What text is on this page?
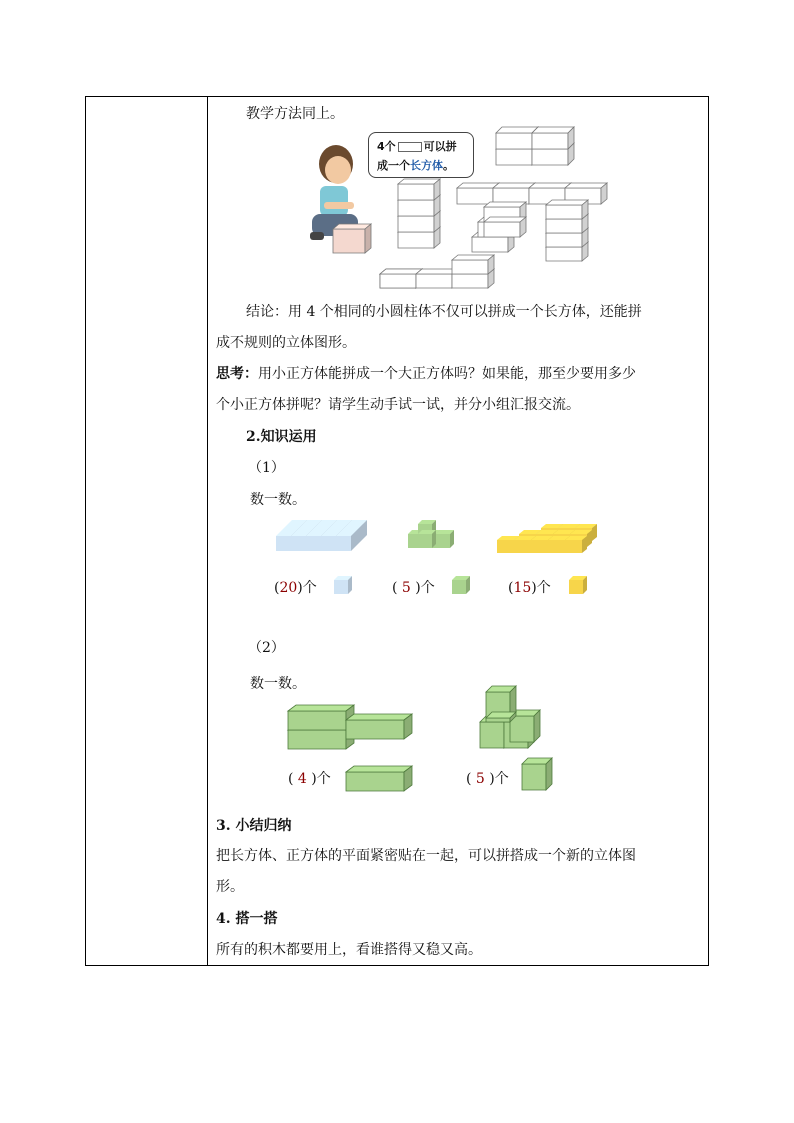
教学方法同上。
4个	可以拼
成一个长方体。
结论：用 4 个相同的小圆柱体不仅可以拼成一个长方体，还能拼
成不规则的立体图形。
思考：用小正方体能拼成一个大正方体吗？如果能，那至少要用多少
个小正方体拼呢？请学生动手试一试，并分小组汇报交流。
2.知识运用
（1）
数一数。
(20)个	( 5 )个	(15)个
（2）
数一数。
( 4 )个	( 5 )个
3. 小结归纳
把长方体、正方体的平面紧密贴在一起，可以拼搭成一个新的立体图
形。
4. 搭一搭
所有的积木都要用上，看谁搭得又稳又高。
